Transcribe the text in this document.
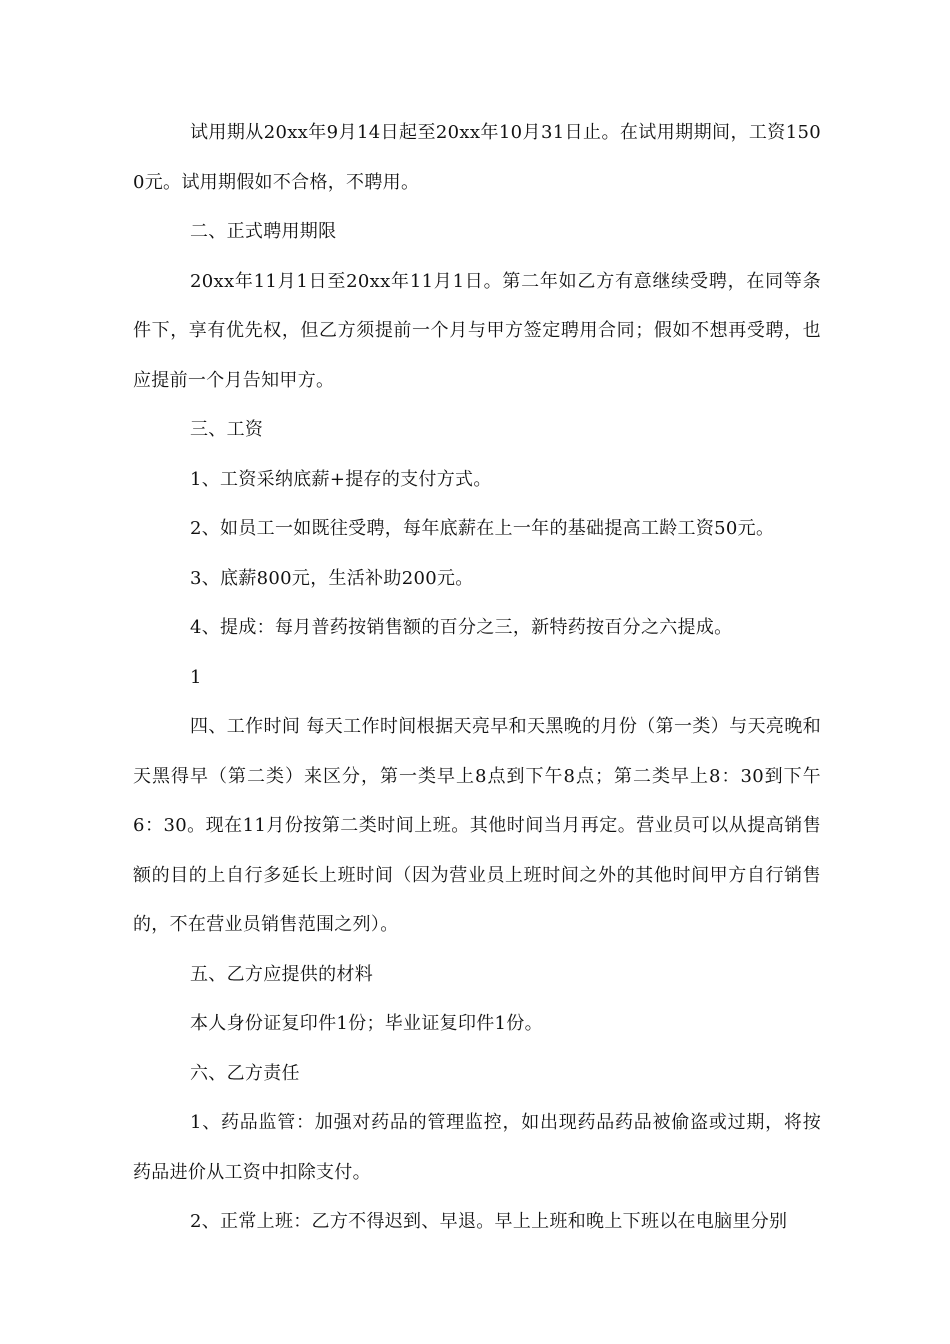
试用期从20xx年9月14日起至20xx年10月31日止。在试用期期间，工资1500元。试用期假如不合格，不聘用。

二、正式聘用期限

20xx年11月1日至20xx年11月1日。第二年如乙方有意继续受聘，在同等条件下，享有优先权，但乙方须提前一个月与甲方签定聘用合同；假如不想再受聘，也应提前一个月告知甲方。

三、工资

1、工资采纳底薪+提存的支付方式。

2、如员工一如既往受聘，每年底薪在上一年的基础提高工龄工资50元。

3、底薪800元，生活补助200元。

4、提成：每月普药按销售额的百分之三，新特药按百分之六提成。

1

四、工作时间 每天工作时间根据天亮早和天黑晚的月份（第一类）与天亮晚和天黑得早（第二类）来区分，第一类早上8点到下午8点；第二类早上8：30到下午6：30。现在11月份按第二类时间上班。其他时间当月再定。营业员可以从提高销售额的目的上自行多延长上班时间（因为营业员上班时间之外的其他时间甲方自行销售的，不在营业员销售范围之列）。

五、乙方应提供的材料

本人身份证复印件1份；毕业证复印件1份。

六、乙方责任

1、药品监管：加强对药品的管理监控，如出现药品药品被偷盗或过期，将按药品进价从工资中扣除支付。

2、正常上班：乙方不得迟到、早退。早上上班和晚上下班以在电脑里分别
